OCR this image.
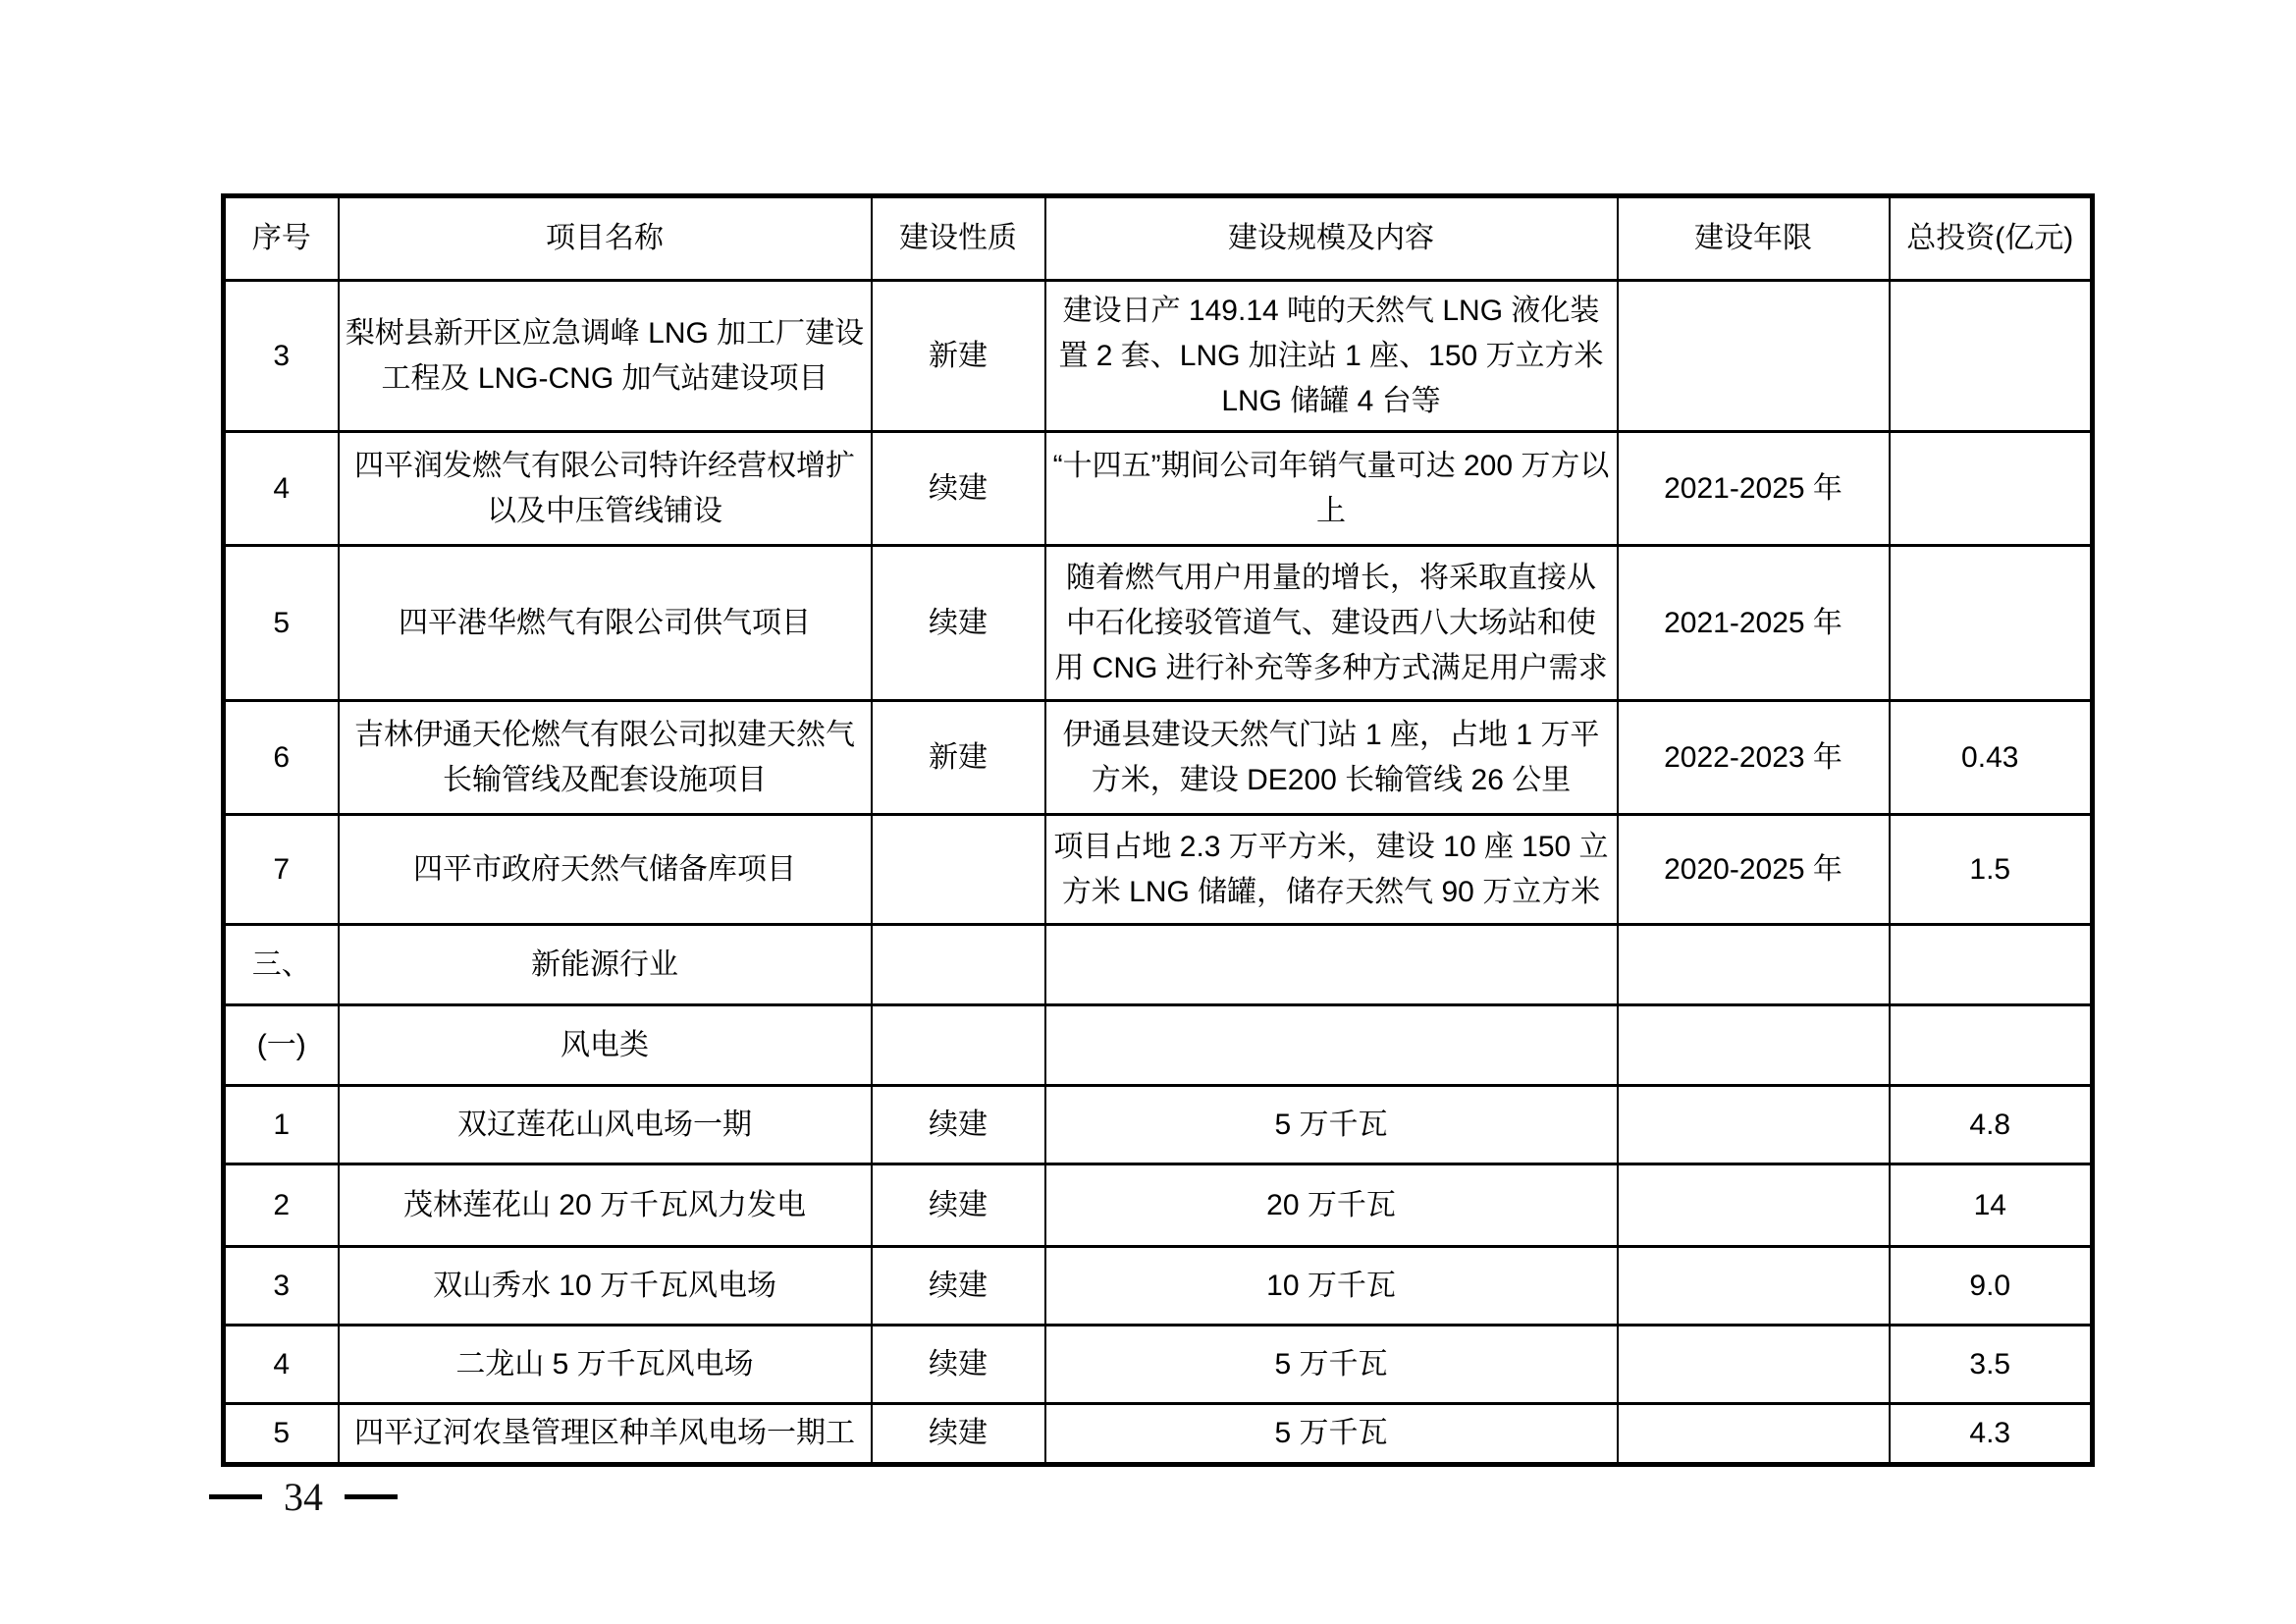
序号	项目名称	建设性质	建设规模及内容	建设年限	总投资(亿元)
3	梨树县新开区应急调峰 LNG 加工厂建设工程及 LNG-CNG 加气站建设项目	新建	建设日产 149.14 吨的天然气 LNG 液化装置 2 套、LNG 加注站 1 座、150 万立方米 LNG 储罐 4 台等		
4	四平润发燃气有限公司特许经营权增扩以及中压管线铺设	续建	“十四五”期间公司年销气量可达 200 万方以上	2021-2025 年	
5	四平港华燃气有限公司供气项目	续建	随着燃气用户用量的增长，将采取直接从中石化接驳管道气、建设西八大场站和使用 CNG 进行补充等多种方式满足用户需求	2021-2025 年	
6	吉林伊通天伦燃气有限公司拟建天然气长输管线及配套设施项目	新建	伊通县建设天然气门站 1 座，占地 1 万平方米，建设 DE200 长输管线 26 公里	2022-2023 年	0.43
7	四平市政府天然气储备库项目		项目占地 2.3 万平方米，建设 10 座 150 立方米 LNG 储罐，储存天然气 90 万立方米	2020-2025 年	1.5
三、	新能源行业				
(一)	风电类				
1	双辽莲花山风电场一期	续建	5 万千瓦		4.8
2	茂林莲花山 20 万千瓦风力发电	续建	20 万千瓦		14
3	双山秀水 10 万千瓦风电场	续建	10 万千瓦		9.0
4	二龙山 5 万千瓦风电场	续建	5 万千瓦		3.5
5	四平辽河农垦管理区种羊风电场一期工	续建	5 万千瓦		4.3
34
